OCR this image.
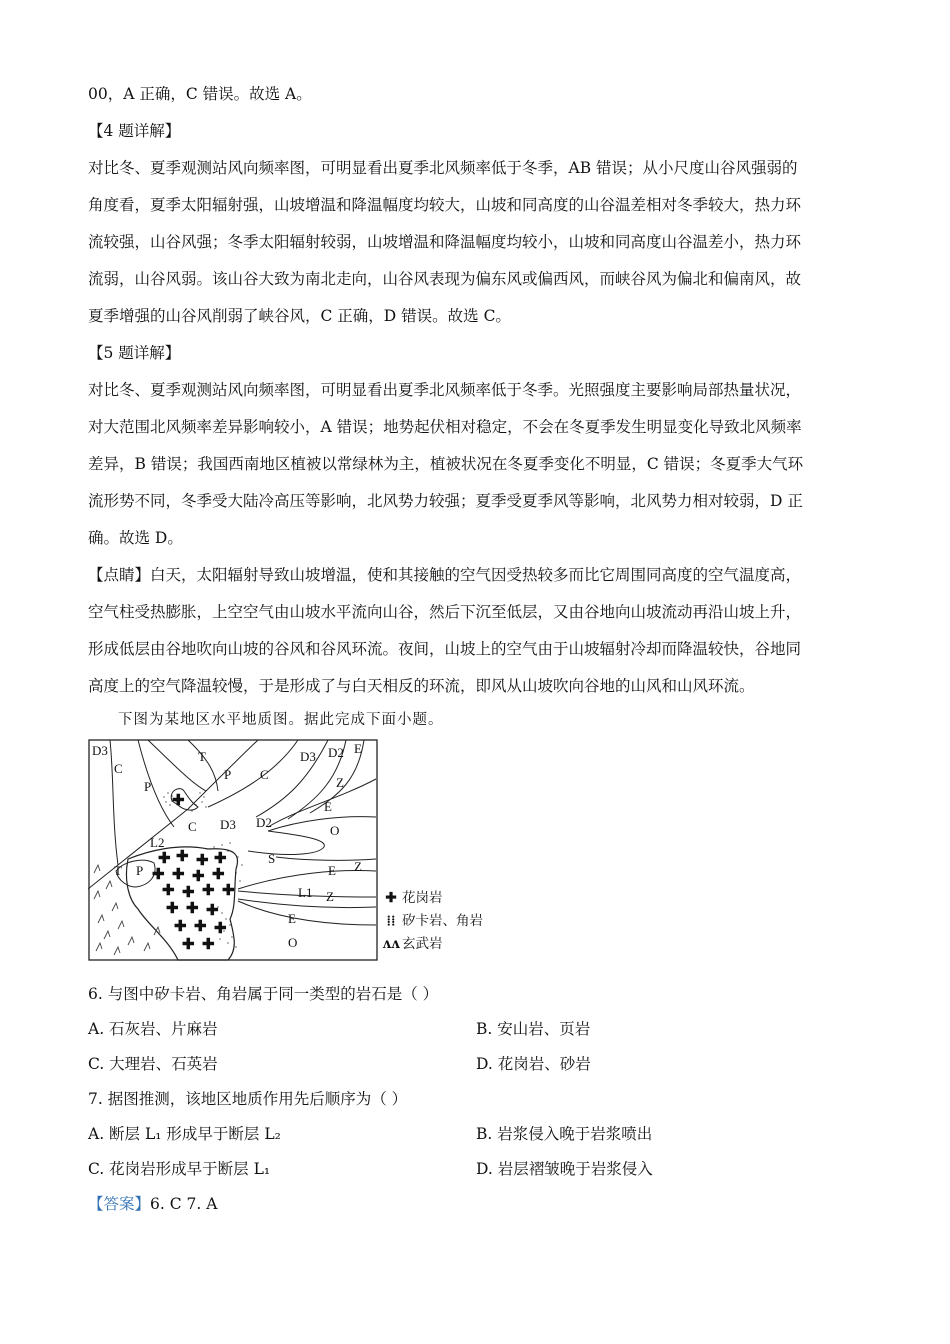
00，A 正确，C 错误。故选 A。

【4 题详解】

对比冬、夏季观测站风向频率图，可明显看出夏季北风频率低于冬季，AB 错误；从小尺度山谷风强弱的

角度看，夏季太阳辐射强，山坡增温和降温幅度均较大，山坡和同高度的山谷温差相对冬季较大，热力环

流较强，山谷风强；冬季太阳辐射较弱，山坡增温和降温幅度均较小，山坡和同高度山谷温差小，热力环

流弱，山谷风弱。该山谷大致为南北走向，山谷风表现为偏东风或偏西风，而峡谷风为偏北和偏南风，故

夏季增强的山谷风削弱了峡谷风，C 正确，D 错误。故选 C。

【5 题详解】

对比冬、夏季观测站风向频率图，可明显看出夏季北风频率低于冬季。光照强度主要影响局部热量状况，

对大范围北风频率差异影响较小，A 错误；地势起伏相对稳定，不会在冬夏季发生明显变化导致北风频率

差异，B 错误；我国西南地区植被以常绿林为主，植被状况在冬夏季变化不明显，C 错误；冬夏季大气环

流形势不同，冬季受大陆冷高压等影响，北风势力较强；夏季受夏季风等影响，北风势力相对较弱，D 正

确。故选 D。

【点睛】白天，太阳辐射导致山坡增温，使和其接触的空气因受热较多而比它周围同高度的空气温度高，

空气柱受热膨胀，上空空气由山坡水平流向山谷，然后下沉至低层，又由谷地向山坡流动再沿山坡上升，

形成低层由谷地吹向山坡的谷风和谷风环流。夜间，山坡上的空气由于山坡辐射冷却而降温较快，谷地同

高度上的空气降温较慢，于是形成了与白天相反的环流，即风从山坡吹向谷地的山风和山风环流。

下图为某地区水平地质图。据此完成下面小题。

✚
✚ ✚ ✚ ✚
✚ ✚ ✚ ✚
✚ ✚ ✚ ✚
✚ ✚ ✚
✚ ✚ ✚
✚ ✚
D3
C
T
P
P C
D3 D2 E
Z
E
O
C D3 D2
L2
S
T P	E Z
L1 Z
E
O
✚ 花岗岩
⁞⁞ 矽卡岩、角岩
ʌʌ 玄武岩

6. 与图中矽卡岩、角岩属于同一类型的岩石是（ ）

A. 石灰岩、片麻岩	B. 安山岩、页岩
C. 大理岩、石英岩	D. 花岗岩、砂岩

7. 据图推测，该地区地质作用先后顺序为（ ）

A. 断层 L₁ 形成早于断层 L₂	B. 岩浆侵入晚于岩浆喷出
C. 花岗岩形成早于断层 L₁	D. 岩层褶皱晚于岩浆侵入

【答案】6. C 7. A
